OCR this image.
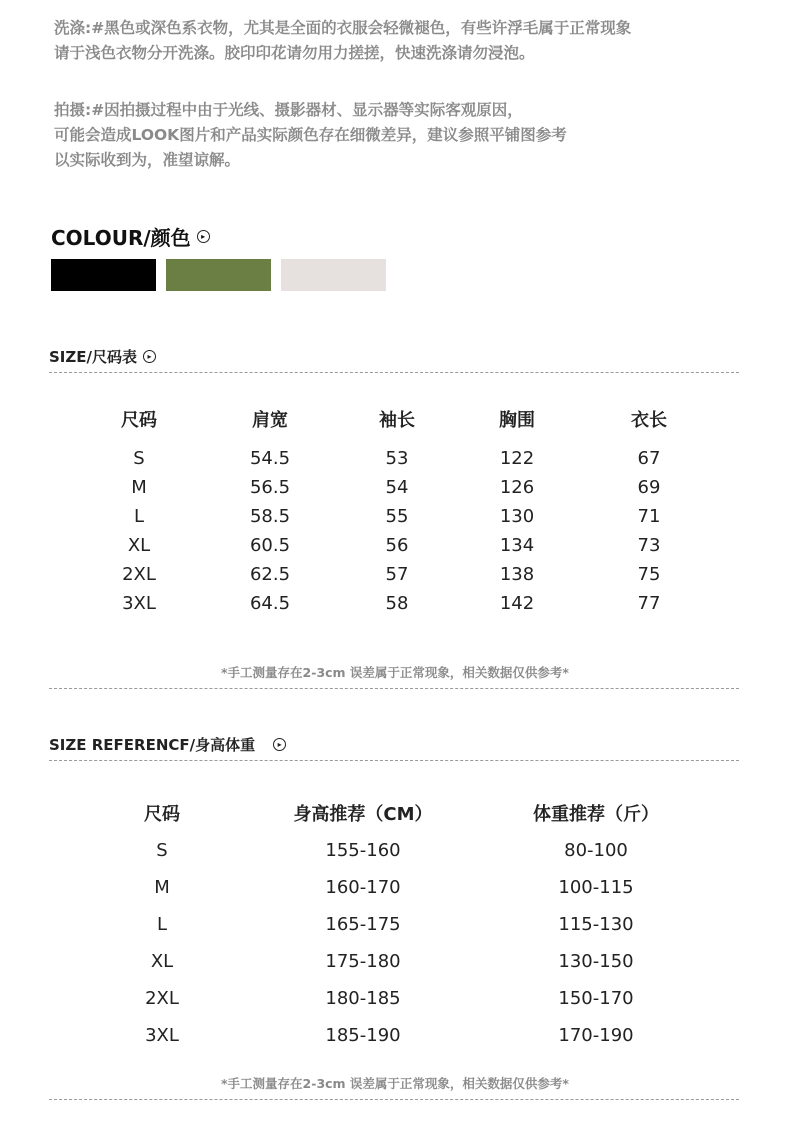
洗涤:#黑色或深色系衣物，尤其是全面的衣服会轻微褪色，有些许浮毛属于正常现象

请于浅色衣物分开洗涤。胶印印花请勿用力搓搓，快速洗涤请勿浸泡。

拍摄:#因拍摄过程中由于光线、摄影器材、显示器等实际客观原因，

可能会造成LOOK图片和产品实际颜色存在细微差异，建议参照平铺图参考

以实际收到为，准望谅解。

COLOUR/颜色	▸
SIZE/尺码表	▸
尺码	肩宽	袖长	胸围	衣长
S	54.5	53	122	67
M	56.5	54	126	69
L	58.5	55	130	71
XL	60.5	56	134	73
2XL	62.5	57	138	75
3XL	64.5	58	142	77
*手工测量存在2-3cm 误差属于正常现象，相关数据仅供参考*
SIZE REFERENCF/身高体重	▸
尺码	身高推荐（CM）	体重推荐（斤）
S	155-160	80-100
M	160-170	100-115
L	165-175	115-130
XL	175-180	130-150
2XL	180-185	150-170
3XL	185-190	170-190
*手工测量存在2-3cm 误差属于正常现象，相关数据仅供参考*
